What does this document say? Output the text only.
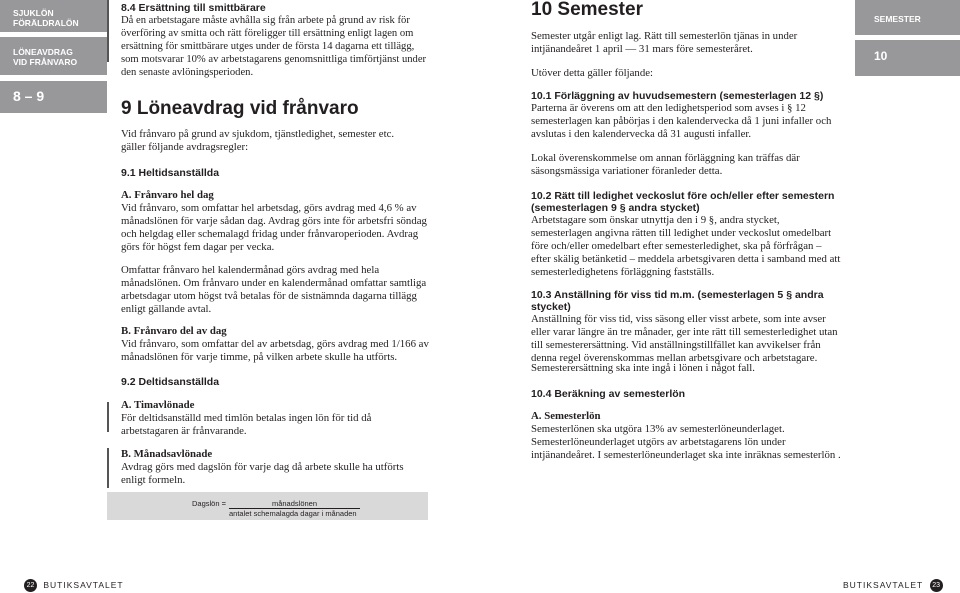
SJUKLÖN
FÖRÄLDRALÖN
LÖNEAVDRAG
VID FRÅNVARO
8 – 9
SEMESTER
10

8.4 Ersättning till smittbärare

Då en arbetstagare måste avhålla sig från arbete på grund av risk för överföring av smitta och rätt föreligger till ersättning enligt lagen om ersättning för smittbärare utges under de första 14 dagarna ett tillägg, som motsvarar 10% av arbetstagarens genomsnittliga timförtjänst under den senaste avlöningsperioden.

9 Löneavdrag vid frånvaro

Vid frånvaro på grund av sjukdom, tjänstledighet, semester etc. gäller följande avdragsregler:

9.1 Heltidsanställda

A. Frånvaro hel dag

Vid frånvaro, som omfattar hel arbetsdag, görs avdrag med 4,6 % av månadslönen för varje sådan dag. Avdrag görs inte för arbetsfri söndag och helgdag eller schemalagd fridag under frånvaroperioden. Avdrag görs för högst fem dagar per vecka.

Omfattar frånvaro hel kalendermånad görs avdrag med hela månadslönen. Om frånvaro under en kalendermånad omfattar samtliga arbetsdagar utom högst två betalas för de sistnämnda dagarna tillägg enligt gällande avtal.

B. Frånvaro del av dag

Vid frånvaro, som omfattar del av arbetsdag, görs avdrag med 1/166 av månadslönen för varje timme, på vilken arbete skulle ha utförts.

9.2 Deltidsanställda

A. Timavlönade

För deltidsanställd med timlön betalas ingen lön för tid då arbetstagaren är frånvarande.

B. Månadsavlönade

Avdrag görs med dagslön för varje dag då arbete skulle ha utförts enligt formeln.

Dagslön =	månadslönen
antalet schemalagda dagar i månaden

10 Semester

Semester utgår enligt lag. Rätt till semesterlön tjänas in under intjänandeåret 1 april — 31 mars före semesteråret.

Utöver detta gäller följande:

10.1 Förläggning av huvudsemestern (semesterlagen 12 §)

Parterna är överens om att den ledighetsperiod som avses i § 12 semesterlagen kan påbörjas i den kalendervecka då 1 juni infaller och avslutas i den kalendervecka då 31 augusti infaller.

Lokal överenskommelse om annan förläggning kan träffas där säsongsmässiga variationer föranleder detta.

10.2 Rätt till ledighet veckoslut före och/eller efter semestern (semesterlagen 9 § andra stycket)

Arbetstagare som önskar utnyttja den i 9 §, andra stycket, semesterlagen angivna rätten till ledighet under veckoslut omedelbart före och/eller omedelbart efter semesterledighet, ska på förfrågan – efter skälig betänketid – meddela arbetsgivaren detta i samband med att semesterledighetens förläggning fastställs.

10.3 Anställning för viss tid m.m. (semesterlagen 5 § andra stycket)

Anställning för viss tid, viss säsong eller visst arbete, som inte avser eller varar längre än tre månader, ger inte rätt till semesterledighet utan till semesterersättning. Vid anställningstillfället kan avvikelser från denna regel överenskommas mellan arbetsgivare och arbetstagare.

Semesterersättning ska inte ingå i lönen i något fall.

10.4 Beräkning av semesterlön

A. Semesterlön

Semesterlönen ska utgöra 13% av semesterlöneunderlaget. Semesterlöneunderlaget utgörs av arbetstagarens lön under intjänandeåret. I semesterlöneunderlaget ska inte inräknas semesterlön .

22 BUTIKSAVTALET	BUTIKSAVTALET 23
